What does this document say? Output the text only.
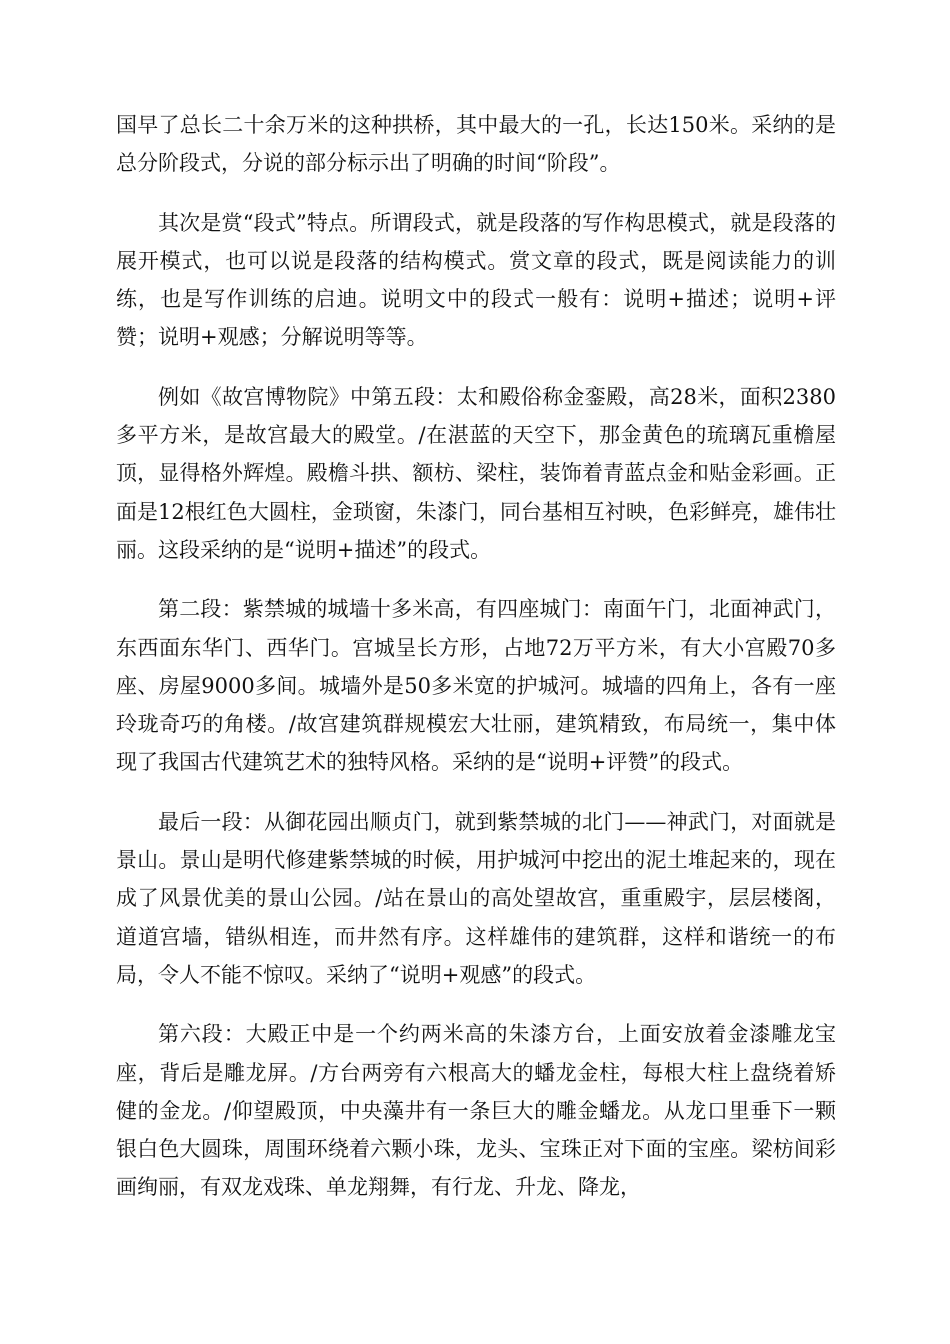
国早了总长二十余万米的这种拱桥，其中最大的一孔，长达150米。采纳的是总分阶段式，分说的部分标示出了明确的时间“阶段”。

其次是赏“段式”特点。所谓段式，就是段落的写作构思模式，就是段落的展开模式，也可以说是段落的结构模式。赏文章的段式，既是阅读能力的训练，也是写作训练的启迪。说明文中的段式一般有：说明+描述；说明+评赞；说明+观感；分解说明等等。

例如《故宫博物院》中第五段：太和殿俗称金銮殿，高28米，面积2380多平方米，是故宫最大的殿堂。/在湛蓝的天空下，那金黄色的琉璃瓦重檐屋顶，显得格外辉煌。殿檐斗拱、额枋、梁柱，装饰着青蓝点金和贴金彩画。正面是12根红色大圆柱，金琐窗，朱漆门，同台基相互衬映，色彩鲜亮，雄伟壮丽。这段采纳的是“说明+描述”的段式。

第二段：紫禁城的城墙十多米高，有四座城门：南面午门，北面神武门，东西面东华门、西华门。宫城呈长方形，占地72万平方米，有大小宫殿70多座、房屋9000多间。城墙外是50多米宽的护城河。城墙的四角上，各有一座玲珑奇巧的角楼。/故宫建筑群规模宏大壮丽，建筑精致，布局统一，集中体现了我国古代建筑艺术的独特风格。采纳的是“说明+评赞”的段式。

最后一段：从御花园出顺贞门，就到紫禁城的北门——神武门，对面就是景山。景山是明代修建紫禁城的时候，用护城河中挖出的泥土堆起来的，现在成了风景优美的景山公园。/站在景山的高处望故宫，重重殿宇，层层楼阁，道道宫墙，错纵相连，而井然有序。这样雄伟的建筑群，这样和谐统一的布局，令人不能不惊叹。采纳了“说明+观感”的段式。

第六段：大殿正中是一个约两米高的朱漆方台，上面安放着金漆雕龙宝座，背后是雕龙屏。/方台两旁有六根高大的蟠龙金柱，每根大柱上盘绕着矫健的金龙。/仰望殿顶，中央藻井有一条巨大的雕金蟠龙。从龙口里垂下一颗银白色大圆珠，周围环绕着六颗小珠，龙头、宝珠正对下面的宝座。梁枋间彩画绚丽，有双龙戏珠、单龙翔舞，有行龙、升龙、降龙，
